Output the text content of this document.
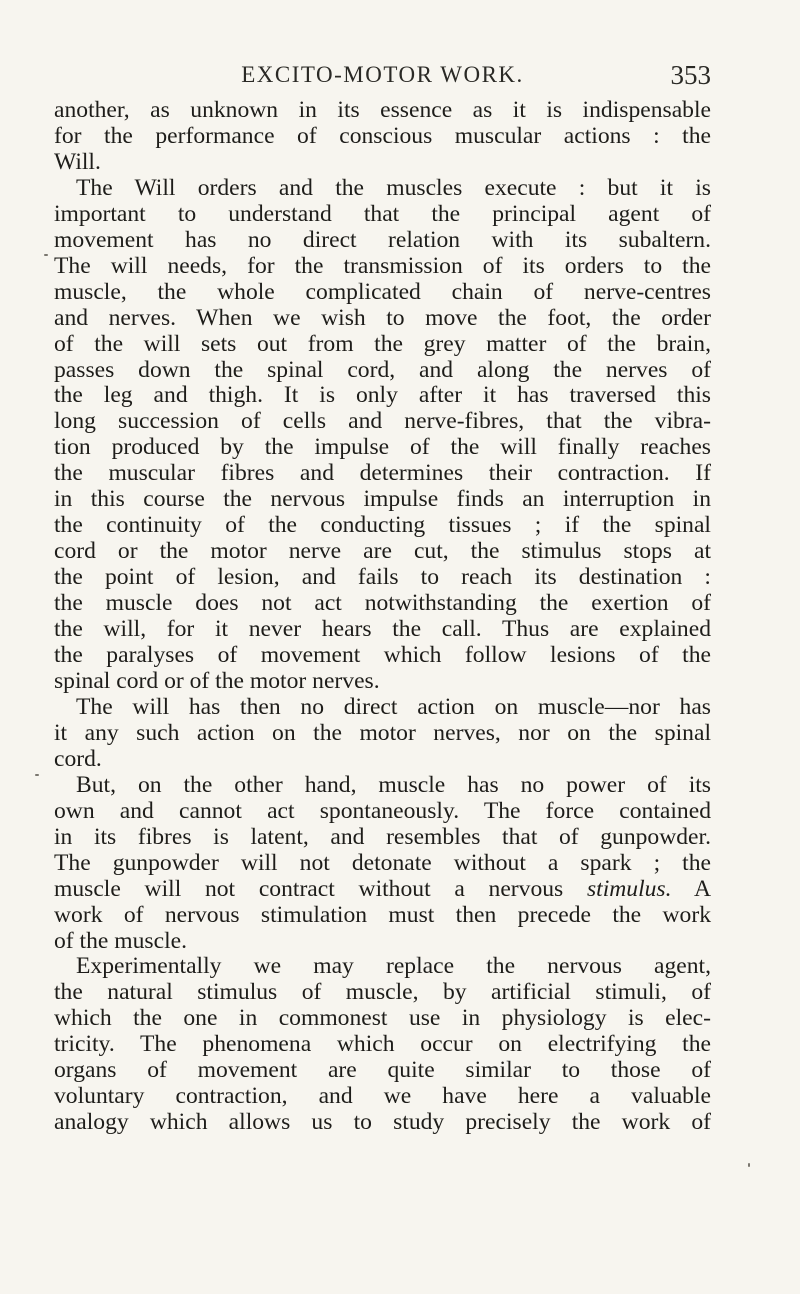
EXCITO-MOTOR WORK.	353
another, as unknown in its essence as it is indispensable
for the performance of conscious muscular actions : the
Will.
The Will orders and the muscles execute : but it is
important to understand that the principal agent of
movement has no direct relation with its subaltern.
The will needs, for the transmission of its orders to the
muscle, the whole complicated chain of nerve-centres
and nerves. When we wish to move the foot, the order
of the will sets out from the grey matter of the brain,
passes down the spinal cord, and along the nerves of
the leg and thigh. It is only after it has traversed this
long succession of cells and nerve-fibres, that the vibra-
tion produced by the impulse of the will finally reaches
the muscular fibres and determines their contraction. If
in this course the nervous impulse finds an interruption in
the continuity of the conducting tissues ; if the spinal
cord or the motor nerve are cut, the stimulus stops at
the point of lesion, and fails to reach its destination :
the muscle does not act notwithstanding the exertion of
the will, for it never hears the call. Thus are explained
the paralyses of movement which follow lesions of the
spinal cord or of the motor nerves.
The will has then no direct action on muscle—nor has
it any such action on the motor nerves, nor on the spinal
cord.
But, on the other hand, muscle has no power of its
own and cannot act spontaneously. The force contained
in its fibres is latent, and resembles that of gunpowder.
The gunpowder will not detonate without a spark ; the
muscle will not contract without a nervous stimulus. A
work of nervous stimulation must then precede the work
of the muscle.
Experimentally we may replace the nervous agent,
the natural stimulus of muscle, by artificial stimuli, of
which the one in commonest use in physiology is elec-
tricity. The phenomena which occur on electrifying the
organs of movement are quite similar to those of
voluntary contraction, and we have here a valuable
analogy which allows us to study precisely the work of
